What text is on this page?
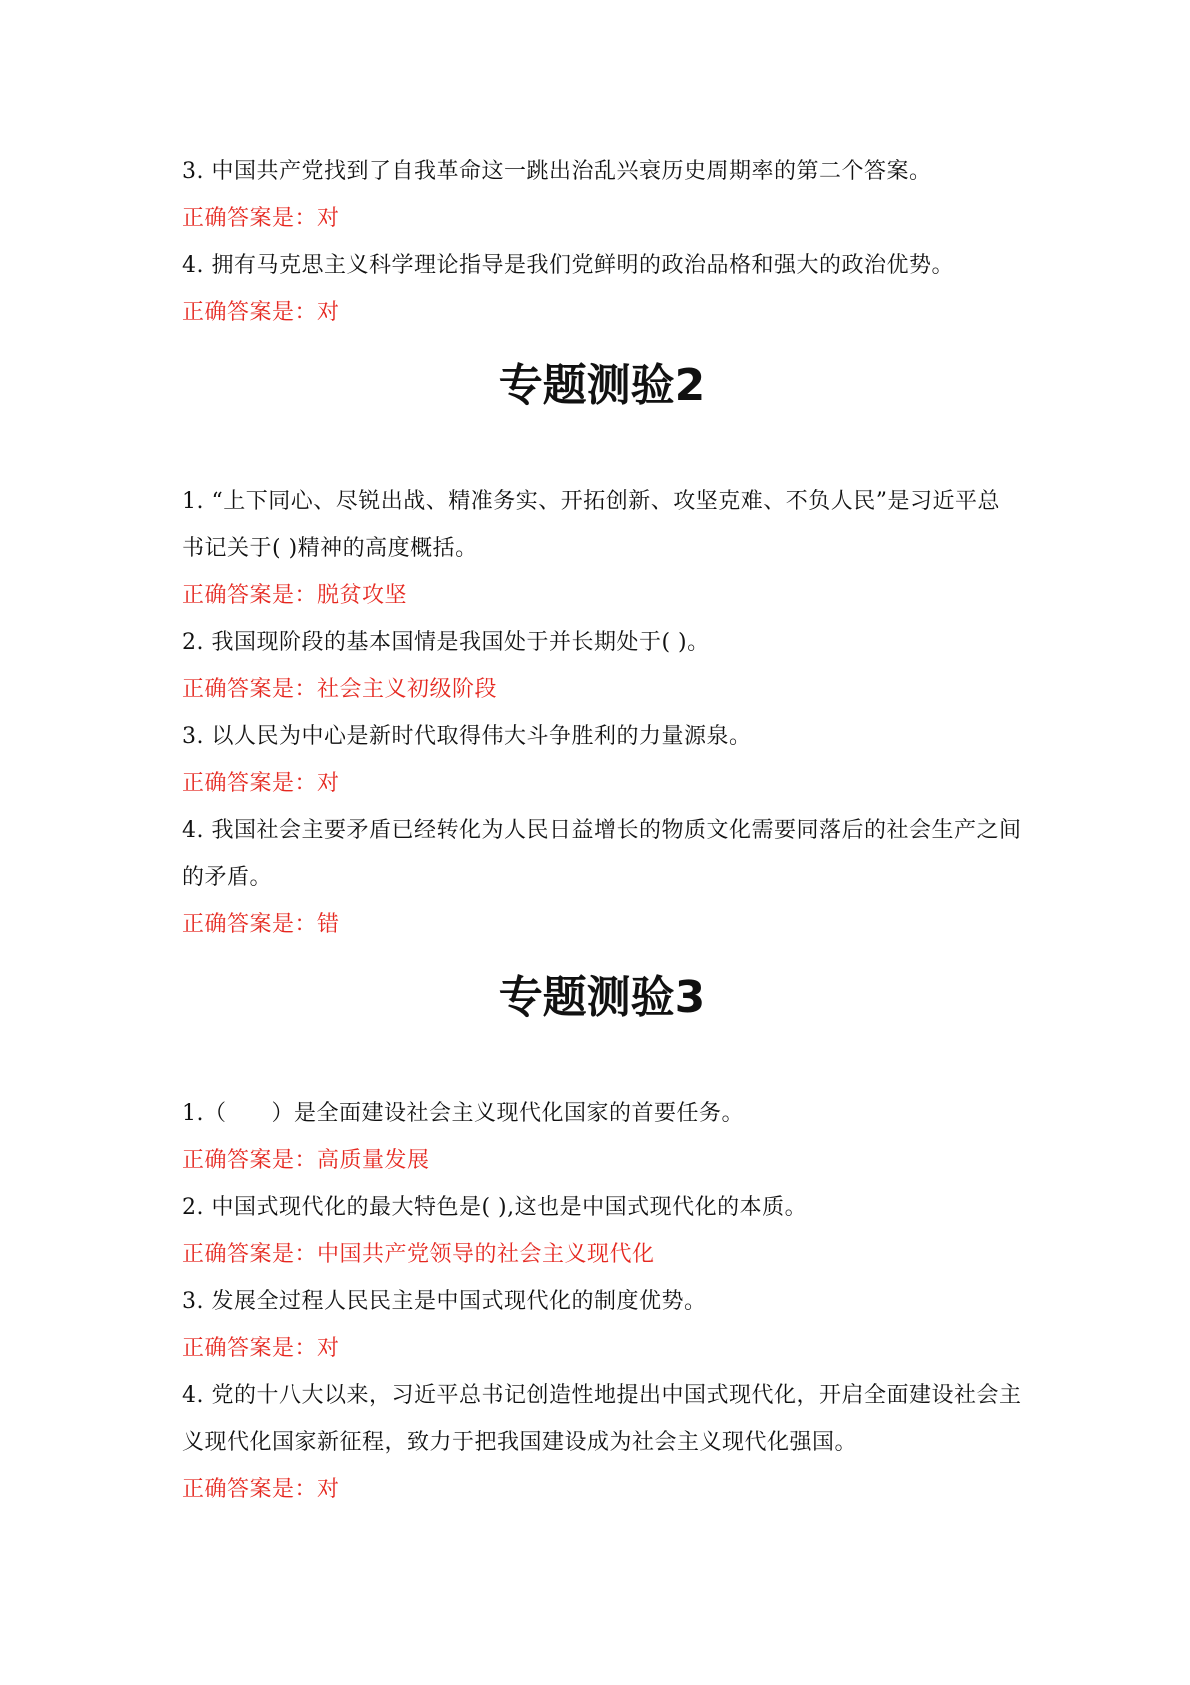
3. 中国共产党找到了自我革命这一跳出治乱兴衰历史周期率的第二个答案。

正确答案是：对

4. 拥有马克思主义科学理论指导是我们党鲜明的政治品格和强大的政治优势。

正确答案是：对

专题测验2

1. “上下同心、尽锐出战、精准务实、开拓创新、攻坚克难、不负人民”是习近平总书记关于( )精神的高度概括。

正确答案是：脱贫攻坚

2. 我国现阶段的基本国情是我国处于并长期处于( )。

正确答案是：社会主义初级阶段

3. 以人民为中心是新时代取得伟大斗争胜利的力量源泉。

正确答案是：对

4. 我国社会主要矛盾已经转化为人民日益增长的物质文化需要同落后的社会生产之间的矛盾。

正确答案是：错

专题测验3

1.（　　）是全面建设社会主义现代化国家的首要任务。

正确答案是：高质量发展

2. 中国式现代化的最大特色是( ),这也是中国式现代化的本质。

正确答案是：中国共产党领导的社会主义现代化

3. 发展全过程人民民主是中国式现代化的制度优势。

正确答案是：对

4. 党的十八大以来，习近平总书记创造性地提出中国式现代化，开启全面建设社会主义现代化国家新征程，致力于把我国建设成为社会主义现代化强国。

正确答案是：对
